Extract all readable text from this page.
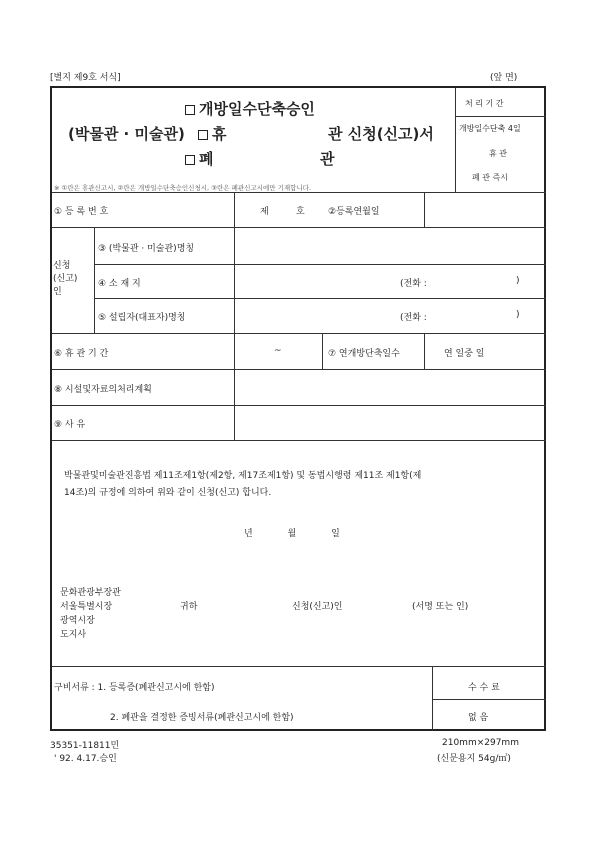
[별지 제9호 서식]	(앞 면)
개방일수단축승인
(박물관 · 미술관)	휴	관 신청(신고)서
폐	관
※ ①란은 휴관신고시, ②란은 개방일수단축승인신청시, ③란은 폐관신고시에만 기재합니다.
처 리 기 간
개방일수단축 4일
휴 관
폐 관 즉시
① 등 록 번 호	제	호	②등록연월일
신청
(신고)
인
③ (박물관 · 미술관)명칭
④ 소 재 지	(전화 :	)
⑤ 설립자(대표자)명칭	(전화 :	)
⑥ 휴 관 기 간	~	⑦ 연개방단축일수	연 일중 일
⑧ 시설및자료의처리계획
⑨ 사 유
박물관및미술관진흥법 제11조제1항(제2항, 제17조제1항) 및 동법시행령 제11조 제1항(제
14조)의 규정에 의하여 위와 같이 신청(신고) 합니다.
년 월 일
문화관광부장관
서울특별시장
광역시장
도지사
귀하	신청(신고)인	(서명 또는 인)
구비서류 : 1. 등록증(폐관신고시에 한함)
2. 폐관을 결정한 증빙서류(폐관신고시에 한함)
수 수 료
없 음
35351-11811민
' 92. 4.17.승인
210mm×297mm
(신문용지 54g/㎡)
